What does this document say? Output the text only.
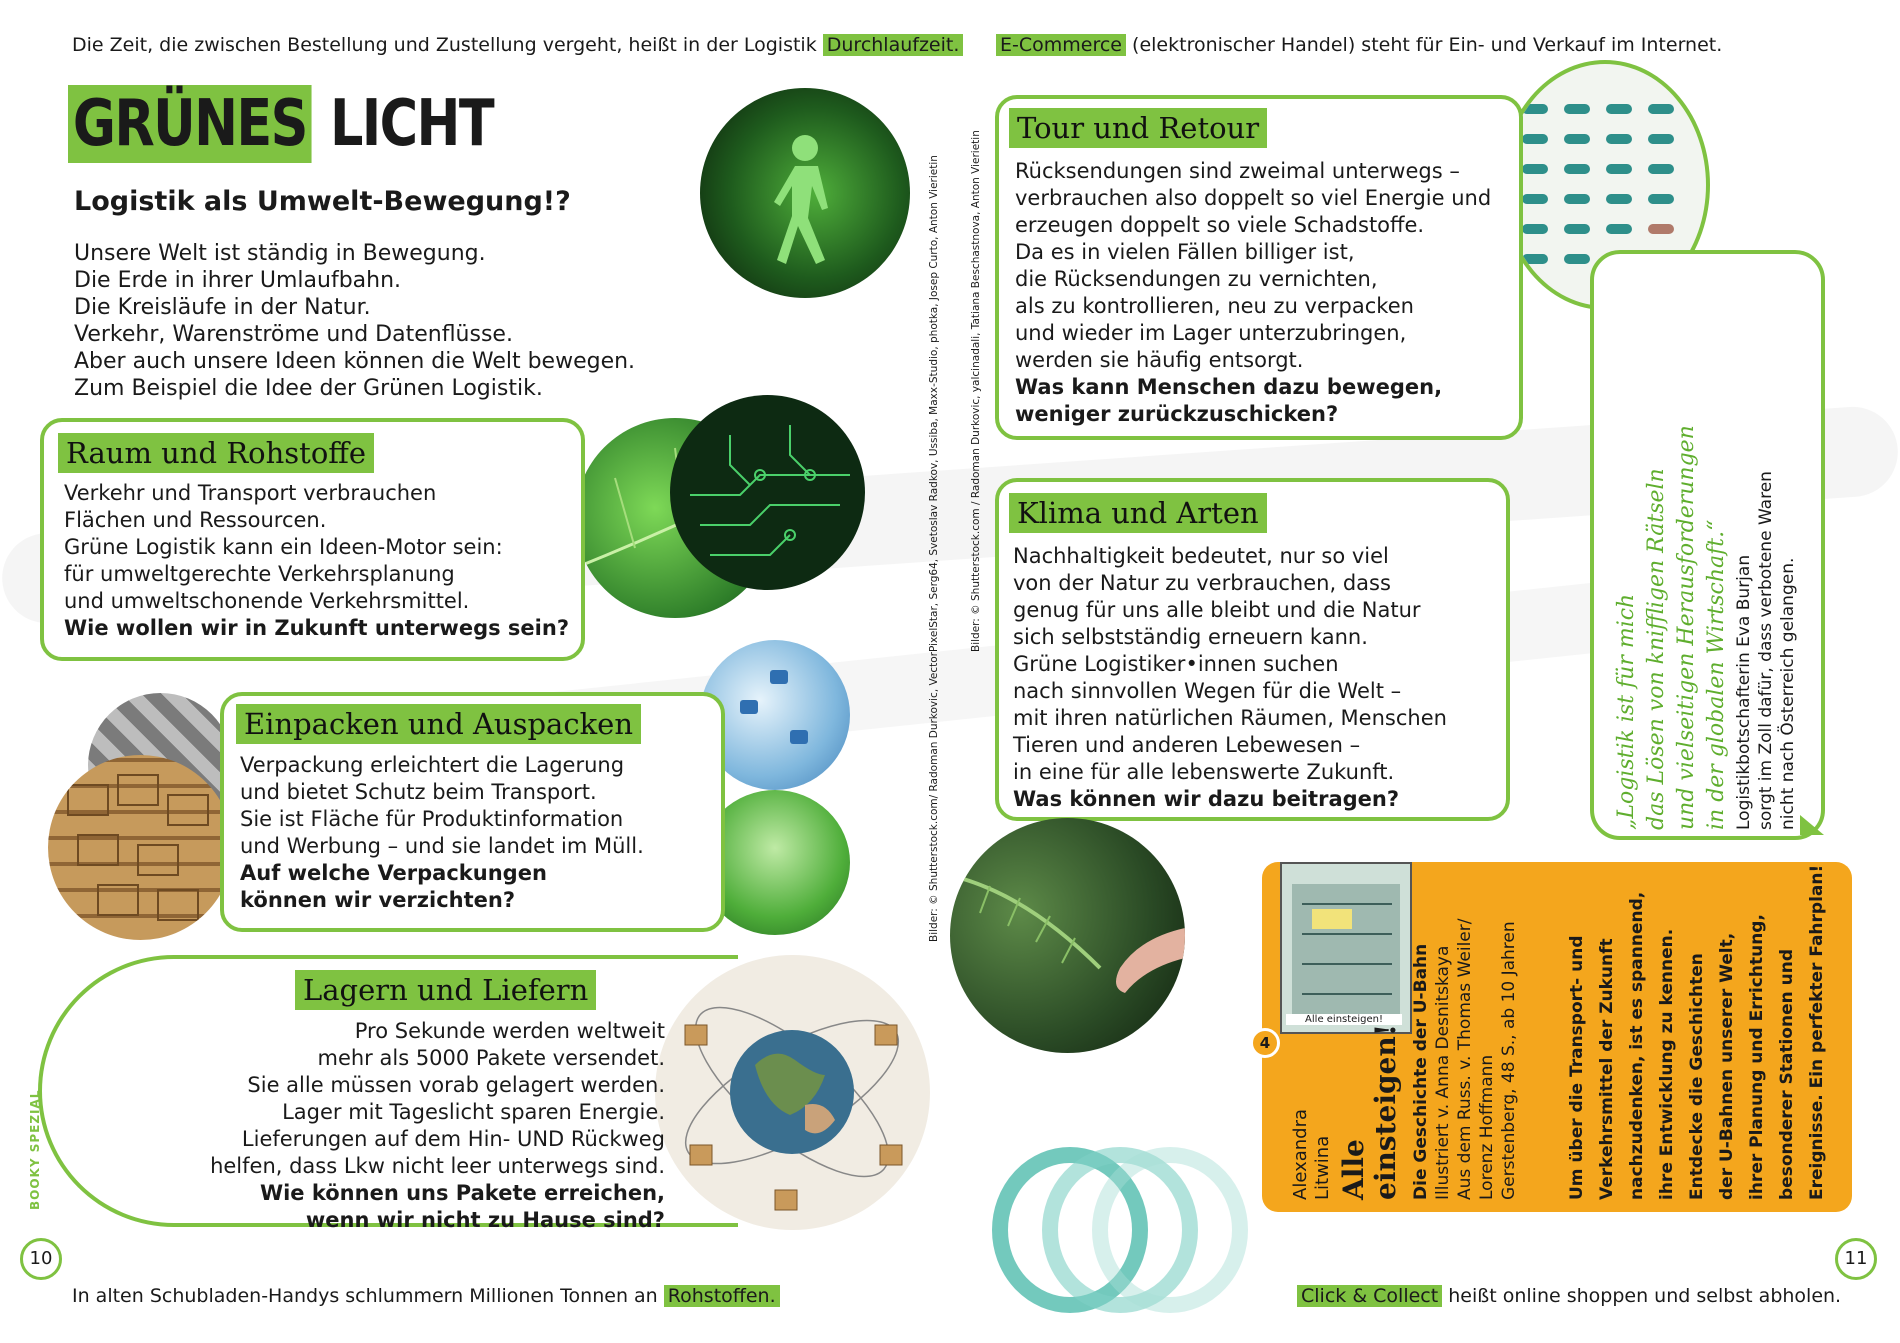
Die Zeit, die zwischen Bestellung und Zustellung vergeht, heißt in der Logistik Durchlaufzeit. E-Commerce (elektronischer Handel) steht für Ein- und Verkauf im Internet.
GRÜNES LICHT
Logistik als Umwelt-Bewegung!?
Unsere Welt ist ständig in Bewegung.
Die Erde in ihrer Umlaufbahn.
Die Kreisläufe in der Natur.
Verkehr, Warenströme und Datenflüsse.
Aber auch unsere Ideen können die Welt bewegen.
Zum Beispiel die Idee der Grünen Logistik.
Raum und Rohstoffe
Verkehr und Transport verbrauchen
Flächen und Ressourcen.
Grüne Logistik kann ein Ideen-Motor sein:
für umweltgerechte Verkehrsplanung
und umweltschonende Verkehrsmittel.
Wie wollen wir in Zukunft unterwegs sein?
Einpacken und Auspacken
Verpackung erleichtert die Lagerung
und bietet Schutz beim Transport.
Sie ist Fläche für Produktinformation
und Werbung – und sie landet im Müll.
Auf welche Verpackungen
können wir verzichten?
Lagern und Liefern
Pro Sekunde werden weltweit
mehr als 5000 Pakete versendet.
Sie alle müssen vorab gelagert werden.
Lager mit Tageslicht sparen Energie.
Lieferungen auf dem Hin- UND Rückweg
helfen, dass Lkw nicht leer unterwegs sind.
Wie können uns Pakete erreichen,
wenn wir nicht zu Hause sind?
Bilder: © Shutterstock.com/ Radoman Durkovic, VectorPixelStar, Serg64, Svetoslav Radkov, Ussiba, Maxx-Studio, photka, Josep Curto, Anton Vierietin	Bilder: © Shutterstock.com / Radoman Durkovic, yalcinadali, Tatiana Beschastnova, Anton Vierietin
Tour und Retour
Rücksendungen sind zweimal unterwegs –
verbrauchen also doppelt so viel Energie und
erzeugen doppelt so viele Schadstoffe.
Da es in vielen Fällen billiger ist,
die Rücksendungen zu vernichten,
als zu kontrollieren, neu zu verpacken
und wieder im Lager unterzubringen,
werden sie häufig entsorgt.
Was kann Menschen dazu bewegen,
weniger zurückzuschicken?
Klima und Arten
Nachhaltigkeit bedeutet, nur so viel
von der Natur zu verbrauchen, dass
genug für uns alle bleibt und die Natur
sich selbstständig erneuern kann.
Grüne Logistiker•innen suchen
nach sinnvollen Wegen für die Welt –
mit ihren natürlichen Räumen, Menschen
Tieren und anderen Lebewesen –
in eine für alle lebenswerte Zukunft.
Was können wir dazu beitragen?	„Logistik ist für mich das Lösen von kniffligen Rätseln und vielseitigen Herausforderungen in der globalen Wirtschaft.“ Logistikbotschafterin Eva Burjan sorgt im Zoll dafür, dass verbotene Waren nicht nach Österreich gelangen.
Alle einsteigen!
4
Alexandra Litwina Alle einsteigen! Die Geschichte der U-Bahn Illustriert v. Anna Desnitskaya Aus dem Russ. v. Thomas Weiler/ Lorenz Hoffmann Gerstenberg, 48 S., ab 10 Jahren	Um über die Transport- und Verkehrsmittel der Zukunft nachzudenken, ist es spannend, ihre Entwicklung zu kennen. Entdecke die Geschichten der U-Bahnen unserer Welt, ihrer Planung und Errichtung, besonderer Stationen und Ereignisse. Ein perfekter Fahrplan!
In alten Schubladen-Handys schlummern Millionen Tonnen an Rohstoffen.	Click & Collect heißt online shoppen und selbst abholen.
BOOKY SPEZIAL
10	11
